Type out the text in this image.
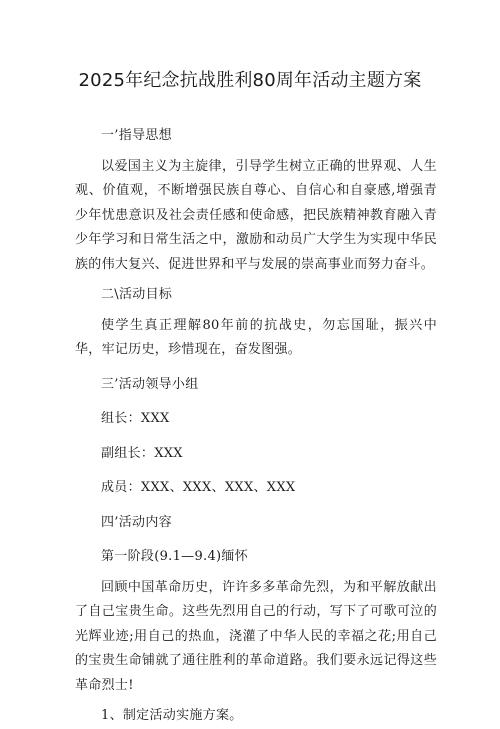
2025年纪念抗战胜利80周年活动主题方案

一’指导思想

以爱国主义为主旋律，引导学生树立正确的世界观、人生观、价值观，不断增强民族自尊心、自信心和自豪感,增强青少年忧患意识及社会责任感和使命感，把民族精神教育融入青少年学习和日常生活之中，激励和动员广大学生为实现中华民族的伟大复兴、促进世界和平与发展的崇高事业而努力奋斗。

二\活动目标

使学生真正理解80年前的抗战史，勿忘国耻，振兴中华，牢记历史，珍惜现在，奋发图强。

三’活动领导小组

组长：XXX

副组长：XXX

成员：XXX、XXX、XXX、XXX

四’活动内容

第一阶段(9.1—9.4)缅怀

回顾中国革命历史，许许多多革命先烈，为和平解放献出了自己宝贵生命。这些先烈用自己的行动，写下了可歌可泣的光辉业迹;用自己的热血，浇灌了中华人民的幸福之花;用自己的宝贵生命铺就了通往胜利的革命道路。我们要永远记得这些革命烈士!

1、制定活动实施方案。
